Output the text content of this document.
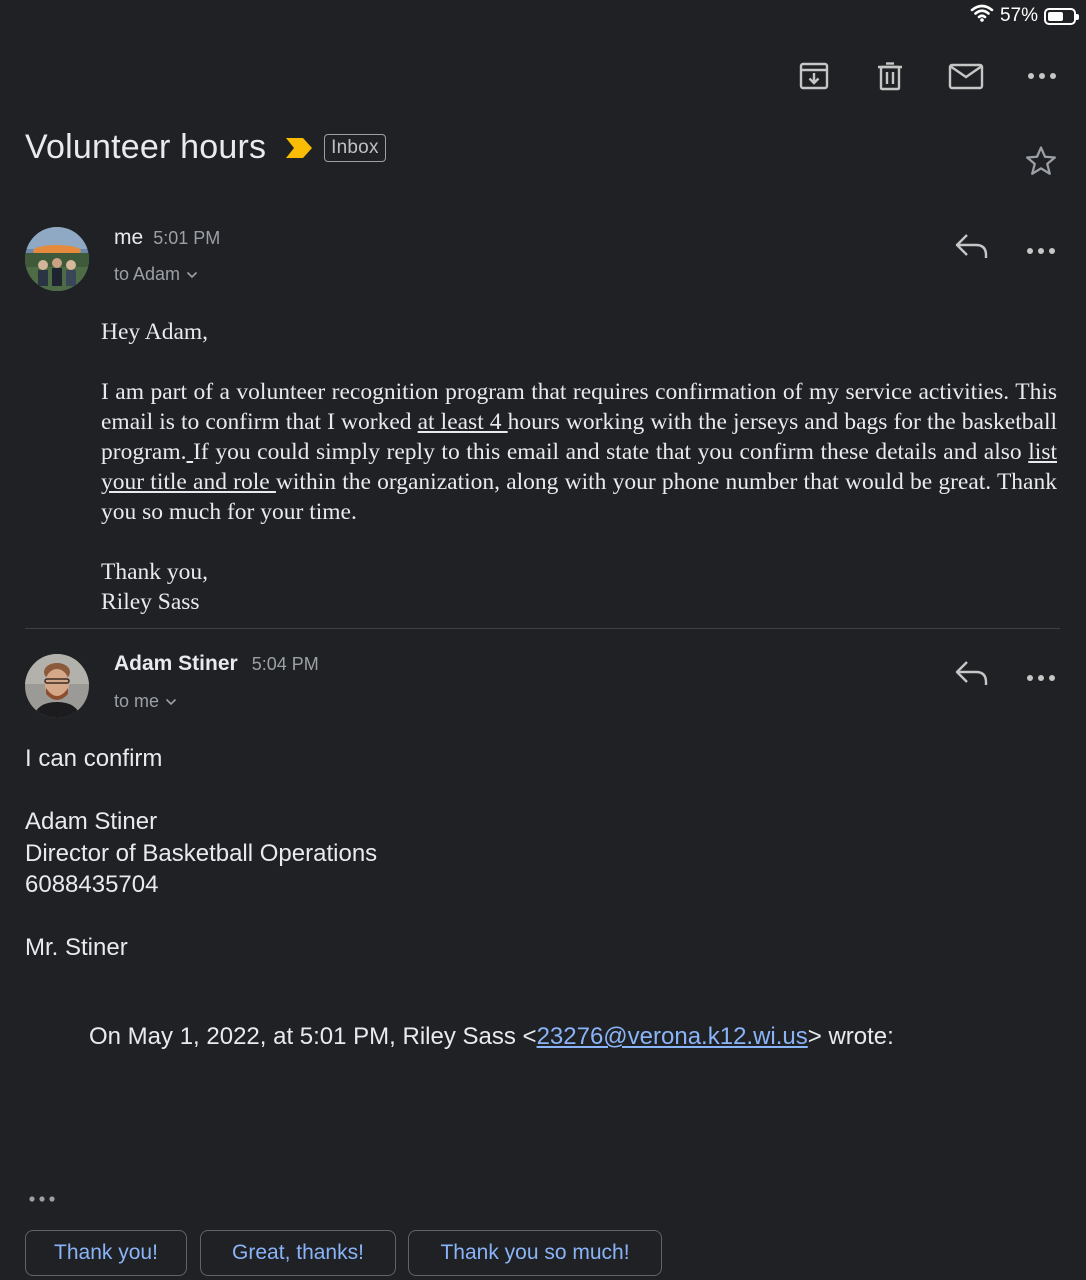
57%
Volunteer hours	Inbox
me 5:01 PM
to Adam
Hey Adam,
I am part of a volunteer recognition program that requires confirmation of my service activities. This email is to confirm that I worked at least 4 hours working with the jerseys and bags for the basketball program. If you could simply reply to this email and state that you confirm these details and also list your title and role within the organization, along with your phone number that would be great. Thank you so much for your time.
Thank you,
Riley Sass
Adam Stiner 5:04 PM
to me
I can confirm
Adam Stiner
Director of Basketball Operations
6088435704
Mr. Stiner
On May 1, 2022, at 5:01 PM, Riley Sass <23276@verona.k12.wi.us> wrote:
Thank you!	Great, thanks!	Thank you so much!
